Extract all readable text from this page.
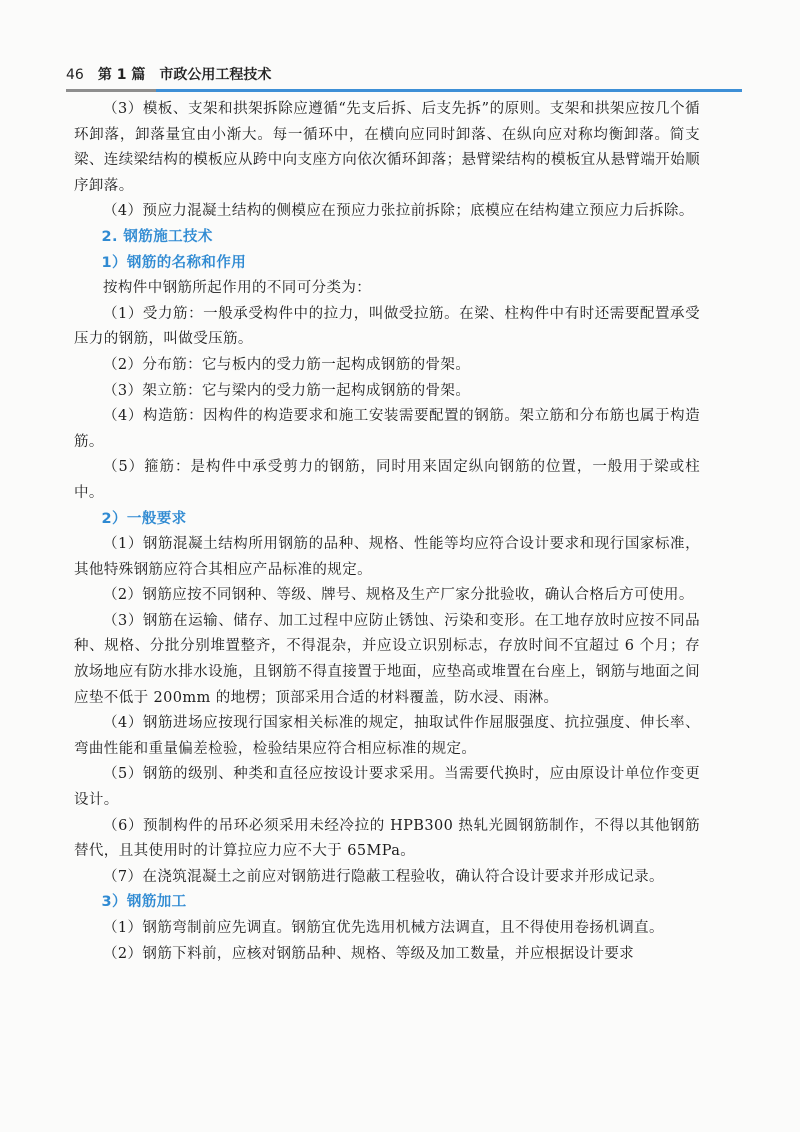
46 第 1 篇 市政公用工程技术

（3）模板、支架和拱架拆除应遵循“先支后拆、后支先拆”的原则。支架和拱架应按几个循环卸落，卸落量宜由小渐大。每一循环中，在横向应同时卸落、在纵向应对称均衡卸落。简支梁、连续梁结构的模板应从跨中向支座方向依次循环卸落；悬臂梁结构的模板宜从悬臂端开始顺序卸落。

（4）预应力混凝土结构的侧模应在预应力张拉前拆除；底模应在结构建立预应力后拆除。

2. 钢筋施工技术
1）钢筋的名称和作用

按构件中钢筋所起作用的不同可分类为：

（1）受力筋：一般承受构件中的拉力，叫做受拉筋。在梁、柱构件中有时还需要配置承受压力的钢筋，叫做受压筋。

（2）分布筋：它与板内的受力筋一起构成钢筋的骨架。

（3）架立筋：它与梁内的受力筋一起构成钢筋的骨架。

（4）构造筋：因构件的构造要求和施工安装需要配置的钢筋。架立筋和分布筋也属于构造筋。

（5）箍筋：是构件中承受剪力的钢筋，同时用来固定纵向钢筋的位置，一般用于梁或柱中。

2）一般要求

（1）钢筋混凝土结构所用钢筋的品种、规格、性能等均应符合设计要求和现行国家标准，其他特殊钢筋应符合其相应产品标准的规定。

（2）钢筋应按不同钢种、等级、牌号、规格及生产厂家分批验收，确认合格后方可使用。

（3）钢筋在运输、储存、加工过程中应防止锈蚀、污染和变形。在工地存放时应按不同品种、规格、分批分别堆置整齐，不得混杂，并应设立识别标志，存放时间不宜超过 6 个月；存放场地应有防水排水设施，且钢筋不得直接置于地面，应垫高或堆置在台座上，钢筋与地面之间应垫不低于 200mm 的地楞；顶部采用合适的材料覆盖，防水浸、雨淋。

（4）钢筋进场应按现行国家相关标准的规定，抽取试件作屈服强度、抗拉强度、伸长率、弯曲性能和重量偏差检验，检验结果应符合相应标准的规定。

（5）钢筋的级别、种类和直径应按设计要求采用。当需要代换时，应由原设计单位作变更设计。

（6）预制构件的吊环必须采用未经冷拉的 HPB300 热轧光圆钢筋制作，不得以其他钢筋替代，且其使用时的计算拉应力应不大于 65MPa。

（7）在浇筑混凝土之前应对钢筋进行隐蔽工程验收，确认符合设计要求并形成记录。

3）钢筋加工

（1）钢筋弯制前应先调直。钢筋宜优先选用机械方法调直，且不得使用卷扬机调直。

（2）钢筋下料前，应核对钢筋品种、规格、等级及加工数量，并应根据设计要求
